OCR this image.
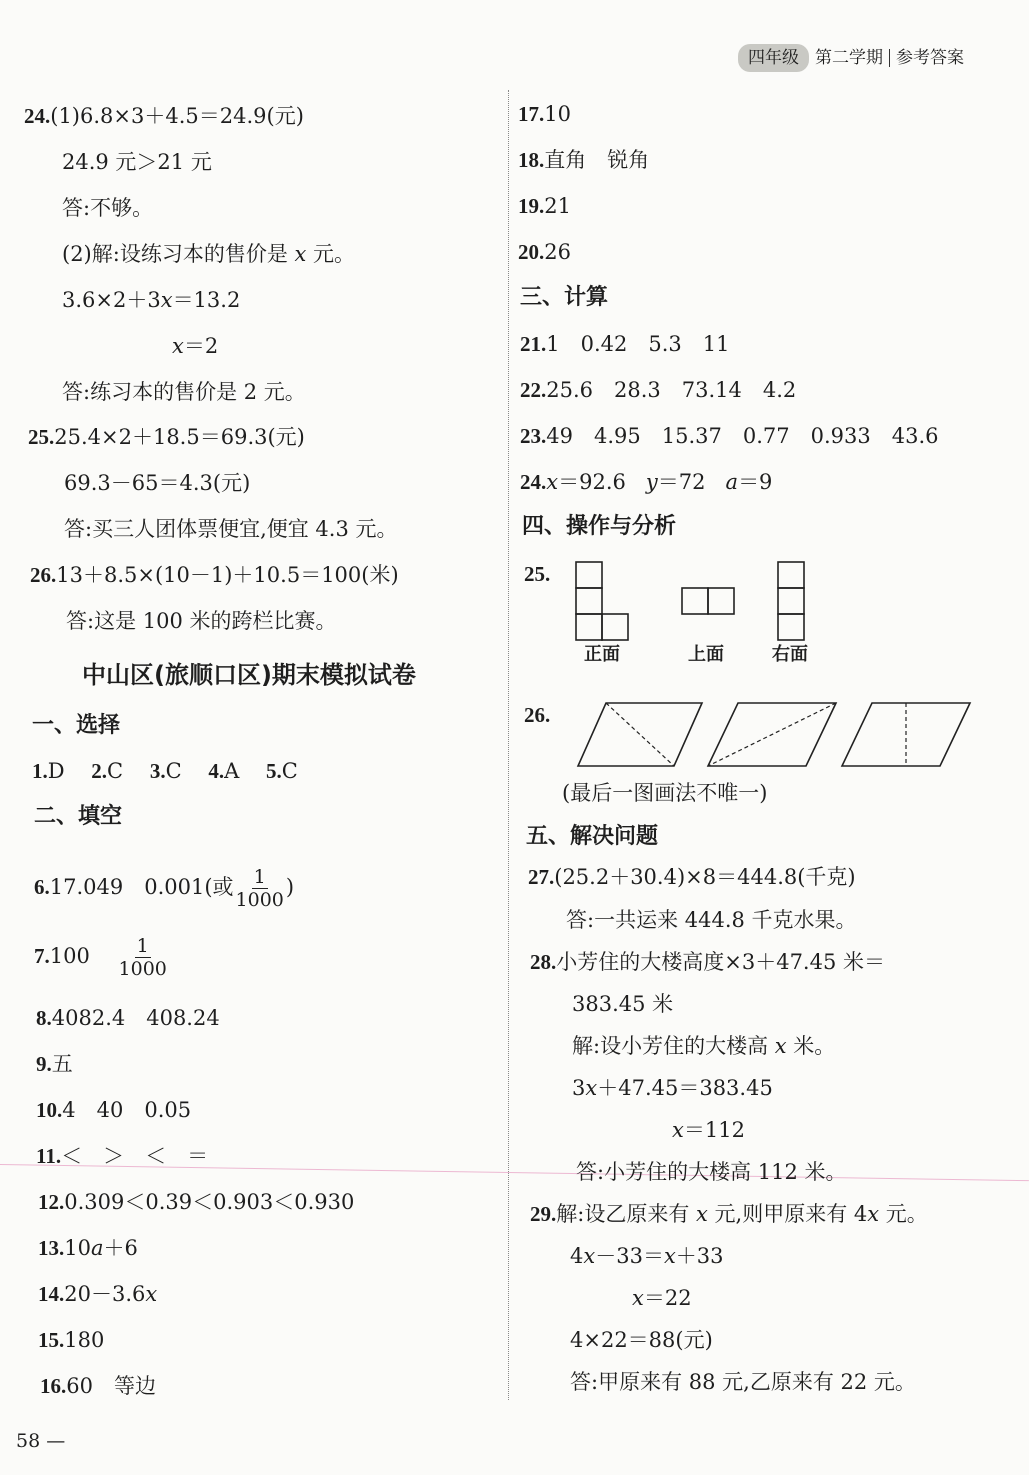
四年级 第二学期 参考答案
24.(1)6.8×3＋4.5＝24.9(元)
24.9 元＞21 元
答:不够。
(2)解:设练习本的售价是 x 元。
3.6×2＋3x＝13.2
x＝2
答:练习本的售价是 2 元。
25.25.4×2＋18.5＝69.3(元)
69.3－65＝4.3(元)
答:买三人团体票便宜,便宜 4.3 元。
26.13＋8.5×(10－1)＋10.5＝100(米)
答:这是 100 米的跨栏比赛。
中山区(旅顺口区)期末模拟试卷
一、选择
1.D 2.C 3.C 4.A 5.C
二、填空
6.17.049　0.001(或 $\frac{1}{1000}$ )
$7.100 \frac{1}{1000}$
8.4082.4　408.24
9.五
10.4　40　0.05
11.＜　＞　＜　＝
12.0.309＜0.39＜0.903＜0.930
13.10a＋6
14.20－3.6x
15.180
16.60　等边
17.10
18.直角　锐角
19.21
20.26
三、计算
21.1　0.42　5.3　11
22.25.6　28.3　73.14　4.2
23.49　4.95　15.37　0.77　0.933　43.6
24.x＝92.6 y＝72 a＝9
四、操作与分析
25.
正面	上面	右面
26.
(最后一图画法不唯一)
五、解决问题
27.(25.2＋30.4)×8＝444.8(千克)
答:一共运来 444.8 千克水果。
28.小芳住的大楼高度×3＋47.45 米＝
383.45 米
解:设小芳住的大楼高 x 米。
3x＋47.45＝383.45
x＝112
答:小芳住的大楼高 112 米。
29.解:设乙原来有 x 元,则甲原来有 4x 元。
4x－33＝x＋33
x＝22
4×22＝88(元)
答:甲原来有 88 元,乙原来有 22 元。
58 —
